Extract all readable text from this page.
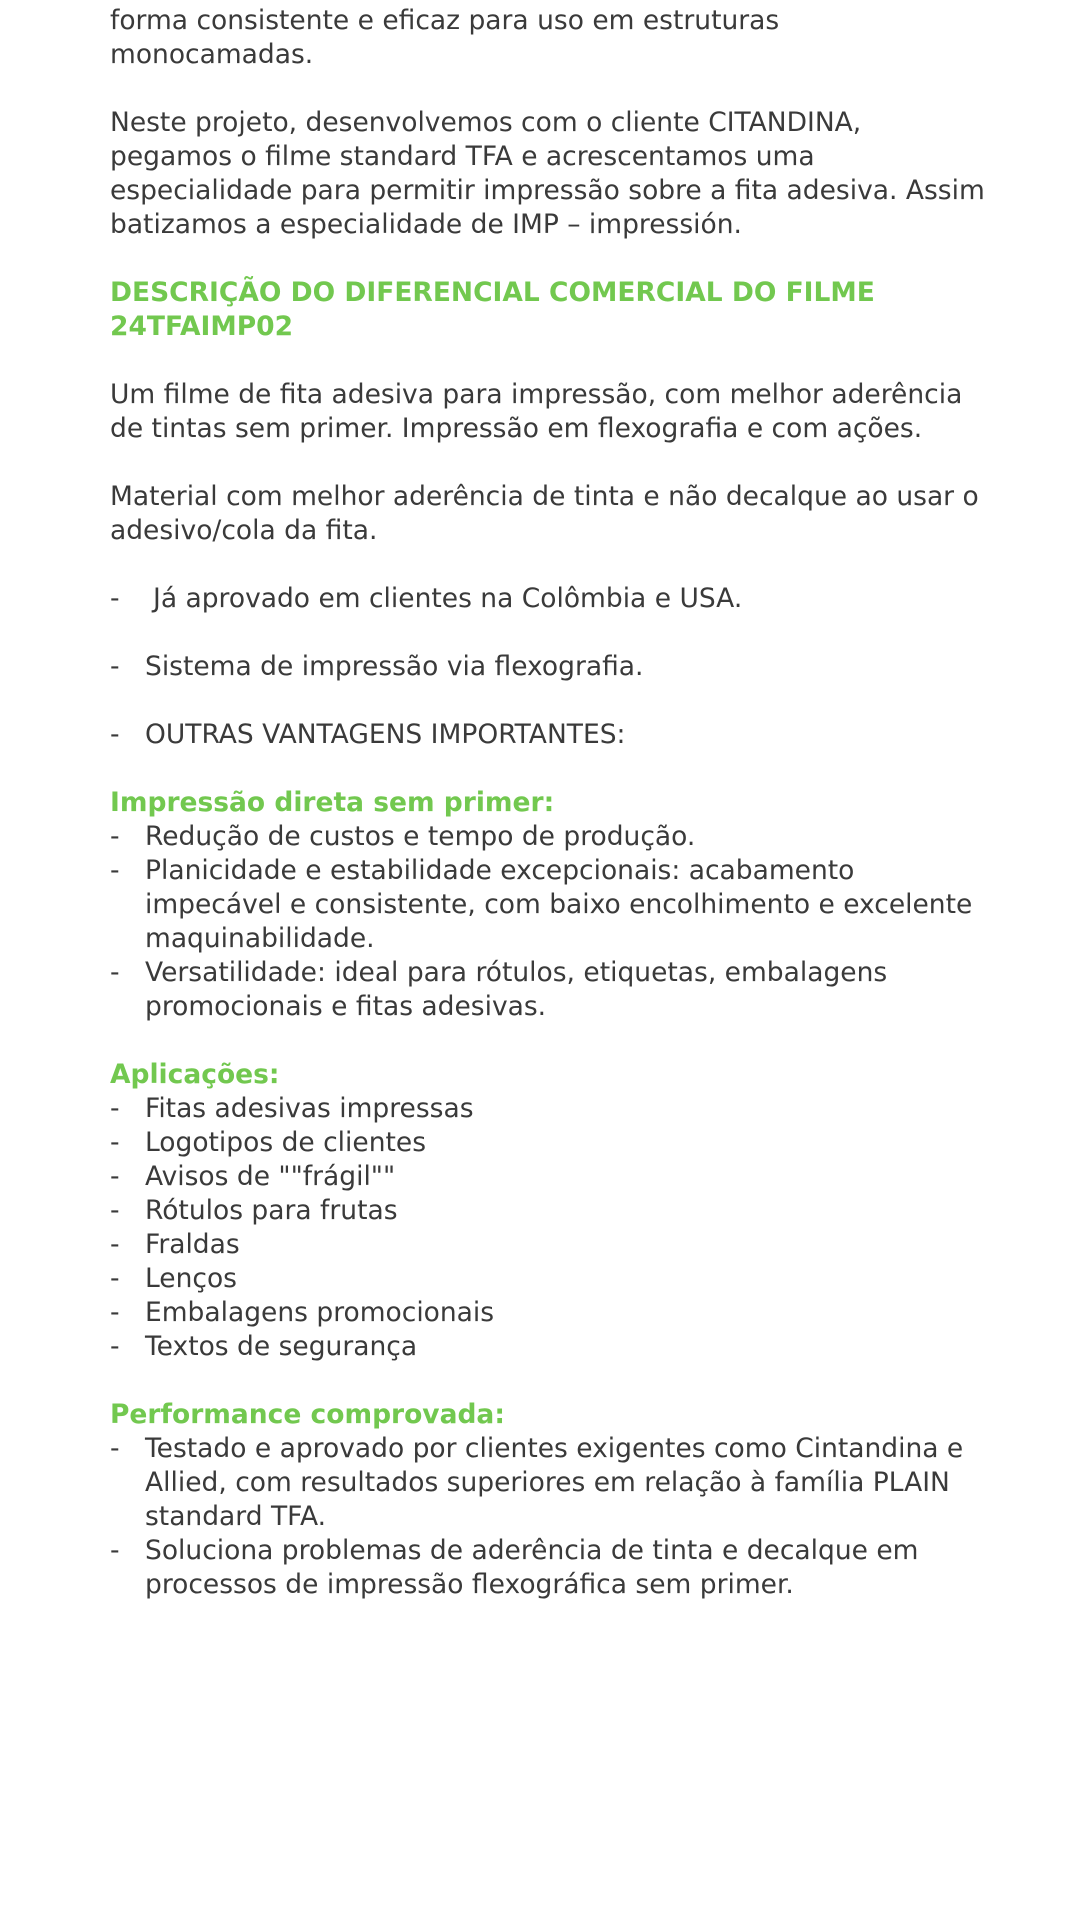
forma consistente e eficaz para uso em estruturas monocamadas.
Neste projeto, desenvolvemos com o cliente CITANDINA, pegamos o filme standard TFA e acrescentamos uma especialidade para permitir impressão sobre a fita adesiva. Assim batizamos a especialidade de IMP – impressión.
DESCRIÇÃO DO DIFERENCIAL COMERCIAL DO FILME 24TFAIMP02
Um filme de fita adesiva para impressão, com melhor aderência de tintas sem primer. Impressão em flexografia e com ações.
Material com melhor aderência de tinta e não decalque ao usar o adesivo/cola da fita.
-	Já aprovado em clientes na Colômbia e USA.
- Sistema de impressão via flexografia.
- OUTRAS VANTAGENS IMPORTANTES:
Impressão direta sem primer:
- Redução de custos e tempo de produção.
- Planicidade e estabilidade excepcionais: acabamento impecável e consistente, com baixo encolhimento e excelente maquinabilidade.
- Versatilidade: ideal para rótulos, etiquetas, embalagens promocionais e fitas adesivas.
Aplicações:
- Fitas adesivas impressas
- Logotipos de clientes
- Avisos de ""frágil""
- Rótulos para frutas
- Fraldas
- Lenços
- Embalagens promocionais
- Textos de segurança
Performance comprovada:
- Testado e aprovado por clientes exigentes como Cintandina e Allied, com resultados superiores em relação à família PLAIN standard TFA.
- Soluciona problemas de aderência de tinta e decalque em processos de impressão flexográfica sem primer.
